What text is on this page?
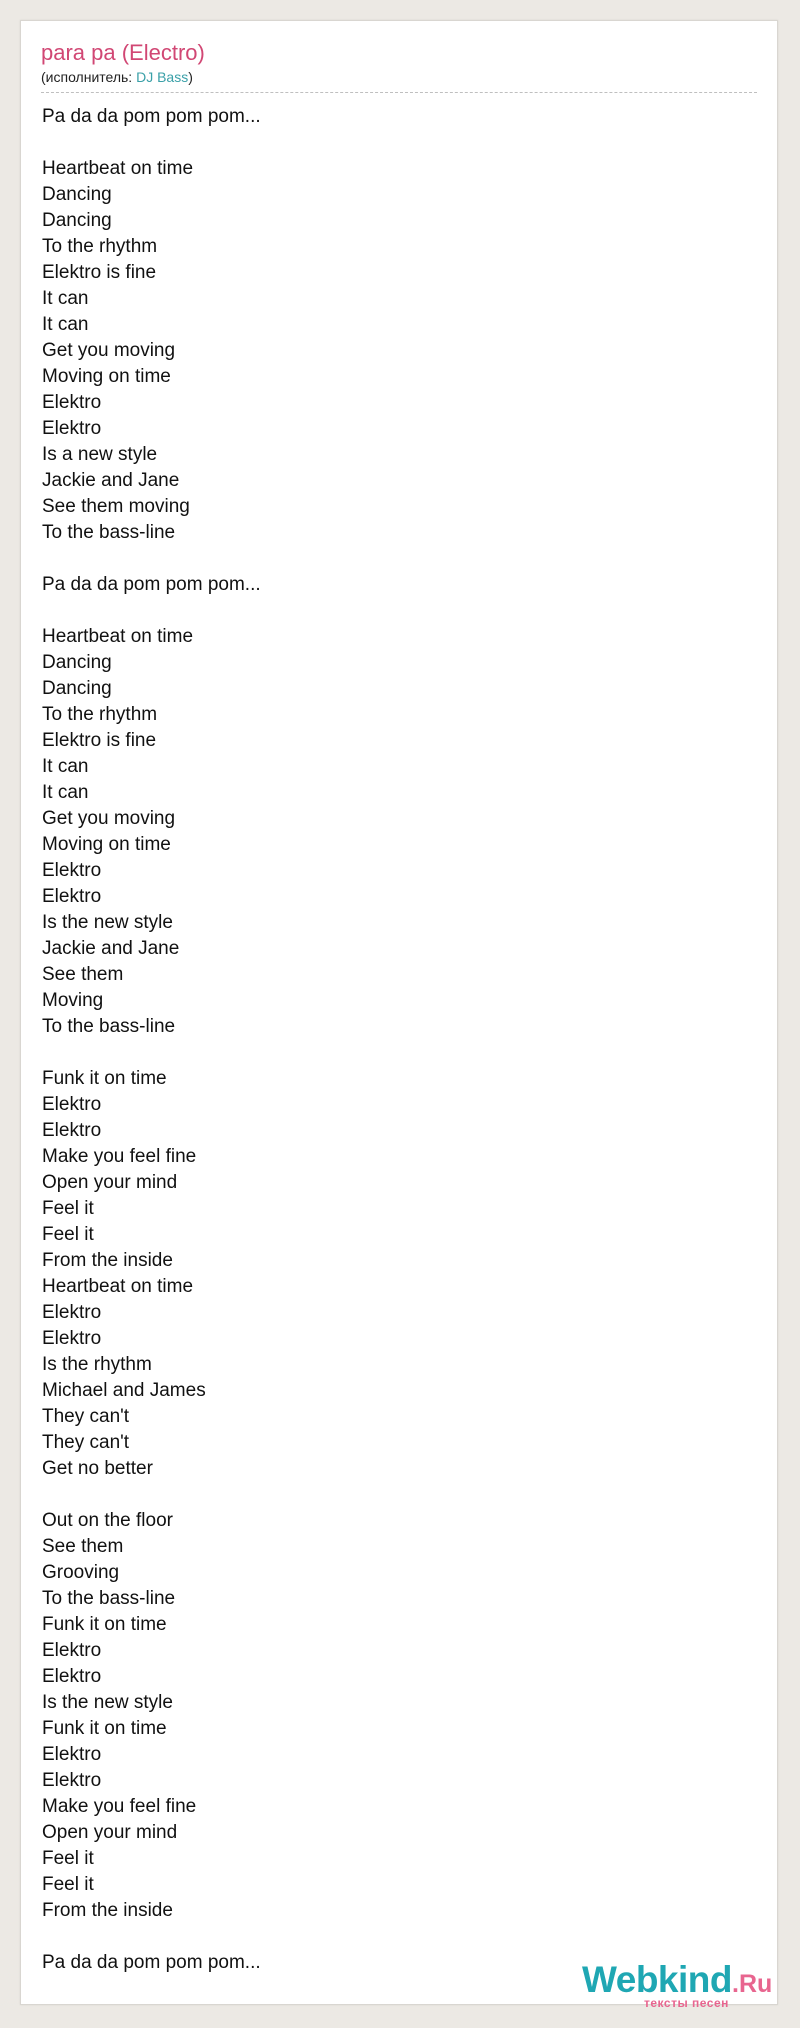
para pa (Electro)
(исполнитель: DJ Bass)
Pa da da pom pom pom...
Heartbeat on time
Dancing
Dancing
To the rhythm
Elektro is fine
It can
It can
Get you moving
Moving on time
Elektro
Elektro
Is a new style
Jackie and Jane
See them moving
To the bass-line
Pa da da pom pom pom...
Heartbeat on time
Dancing
Dancing
To the rhythm
Elektro is fine
It can
It can
Get you moving
Moving on time
Elektro
Elektro
Is the new style
Jackie and Jane
See them
Moving
To the bass-line
Funk it on time
Elektro
Elektro
Make you feel fine
Open your mind
Feel it
Feel it
From the inside
Heartbeat on time
Elektro
Elektro
Is the rhythm
Michael and James
They can't
They can't
Get no better
Out on the floor
See them
Grooving
To the bass-line
Funk it on time
Elektro
Elektro
Is the new style
Funk it on time
Elektro
Elektro
Make you feel fine
Open your mind
Feel it
Feel it
From the inside
Pa da da pom pom pom...	Webkind.Ru
тексты песен
